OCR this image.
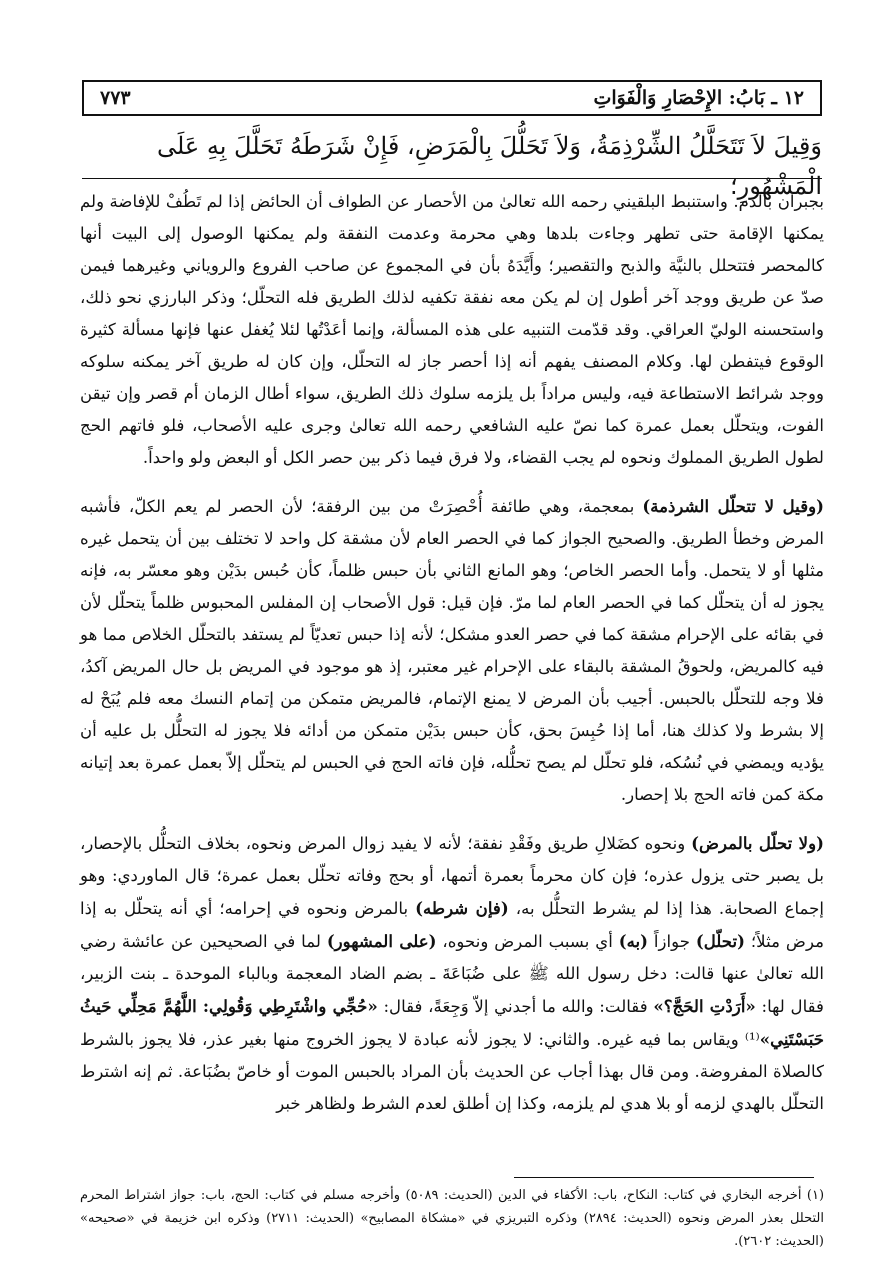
١٢ ـ بَابُ: الإِحْصَارِ وَالْفَوَاتِ
٧٧٣
وَقِيلَ لاَ تَتَحَلَّلُ الشِّرْذِمَةُ، وَلاَ تَحَلُّلَ بِالْمَرَضِ، فَإِنْ شَرَطَهُ تَحَلَّلَ بِهِ عَلَى الْمَشْهُورِ؛

بجبران بالدم. واستنبط البلقيني رحمه الله تعالىٰ من الأحصار عن الطواف أن الحائض إذا لم تَطُفْ للإفاضة ولم يمكنها الإقامة حتى تطهر وجاءت بلدها وهي محرمة وعدمت النفقة ولم يمكنها الوصول إلى البيت أنها كالمحصر فتتحلل بالنيَّة والذبح والتقصير؛ وأَيَّدَهُ بأن في المجموع عن صاحب الفروع والروياني وغيرهما فيمن صدّ عن طريق ووجد آخر أطول إن لم يكن معه نفقة تكفيه لذلك الطريق فله التحلّل؛ وذكر البارزي نحو ذلك، واستحسنه الوليّ العراقي. وقد قدّمت التنبيه على هذه المسألة، وإنما أعَدْتُها لئلا يُغفل عنها فإنها مسألة كثيرة الوقوع فيتفطن لها. وكلام المصنف يفهم أنه إذا أحصر جاز له التحلّل، وإن كان له طريق آخر يمكنه سلوكه ووجد شرائط الاستطاعة فيه، وليس مراداً بل يلزمه سلوك ذلك الطريق، سواء أطال الزمان أم قصر وإن تيقن الفوت، ويتحلّل بعمل عمرة كما نصّ عليه الشافعي رحمه الله تعالىٰ وجرى عليه الأصحاب، فلو فاتهم الحج لطول الطريق المملوك ونحوه لم يجب القضاء، ولا فرق فيما ذكر بين حصر الكل أو البعض ولو واحداً.

(وقيل لا تتحلّل الشرذمة) بمعجمة، وهي طائفة أُحْصِرَتْ من بين الرفقة؛ لأن الحصر لم يعم الكلّ، فأشبه المرض وخطأ الطريق. والصحيح الجواز كما في الحصر العام لأن مشقة كل واحد لا تختلف بين أن يتحمل غيره مثلها أو لا يتحمل. وأما الحصر الخاص؛ وهو المانع الثاني بأن حبس ظلماً، كأن حُبس بدَيْن وهو معسّر به، فإنه يجوز له أن يتحلّل كما في الحصر العام لما مرّ. فإن قيل: قول الأصحاب إن المفلس المحبوس ظلماً يتحلّل لأن في بقائه على الإحرام مشقة كما في حصر العدو مشكل؛ لأنه إذا حبس تعديّاً لم يستفد بالتحلّل الخلاص مما هو فيه كالمريض، ولحوقُ المشقة بالبقاء على الإحرام غير معتبر، إذ هو موجود في المريض بل حال المريض آكدُ، فلا وجه للتحلّل بالحبس. أجيب بأن المرض لا يمنع الإتمام، فالمريض متمكن من إتمام النسك معه فلم يُبَحْ له إلا بشرط ولا كذلك هنا، أما إذا حُبِسَ بحق، كأن حبس بدَيْن متمكن من أدائه فلا يجوز له التحلُّل بل عليه أن يؤديه ويمضي في نُسُكه، فلو تحلّل لم يصح تحلُّله، فإن فاته الحج في الحبس لم يتحلّل إلاّ بعمل عمرة بعد إتيانه مكة كمن فاته الحج بلا إحصار.

(ولا تحلّل بالمرض) ونحوه كضَلالِ طريق وفَقْدِ نفقة؛ لأنه لا يفيد زوال المرض ونحوه، بخلاف التحلُّل بالإحصار، بل يصبر حتى يزول عذره؛ فإن كان محرماً بعمرة أتمها، أو بحج وفاته تحلّل بعمل عمرة؛ قال الماوردي: وهو إجماع الصحابة. هذا إذا لم يشرط التحلُّل به، (فإن شرطه) بالمرض ونحوه في إحرامه؛ أي أنه يتحلّل به إذا مرض مثلاً؛ (تحلّل) جوازاً (به) أي بسبب المرض ونحوه، (على المشهور) لما في الصحيحين عن عائشة رضي الله تعالىٰ عنها قالت: دخل رسول الله ﷺ على ضُبَاعَةَ ـ بضم الضاد المعجمة وبالباء الموحدة ـ بنت الزبير، فقال لها: «أَرَدْتِ الحَجَّ؟» فقالت: والله ما أجدني إلاّ وَجِعَةً، فقال: «حُجِّي واشْتَرِطِي وَقُولِي: اللَّهُمَّ مَحِلِّي حَيثُ حَبَسْتَنِي»⁽¹⁾ ويقاس بما فيه غيره. والثاني: لا يجوز لأنه عبادة لا يجوز الخروج منها بغير عذر، فلا يجوز بالشرط كالصلاة المفروضة. ومن قال بهذا أجاب عن الحديث بأن المراد بالحبس الموت أو خاصّ بضُبَاعة. ثم إنه اشترط التحلّل بالهدي لزمه أو بلا هدي لم يلزمه، وكذا إن أطلق لعدم الشرط ولظاهر خبر

(١) أخرجه البخاري في كتاب: النكاح، باب: الأكفاء في الدين (الحديث: ٥٠٨٩) وأخرجه مسلم في كتاب: الحج، باب: جواز اشتراط المحرم التحلل بعذر المرض ونحوه (الحديث: ٢٨٩٤) وذكره التبريزي في «مشكاة المصابيح» (الحديث: ٢٧١١) وذكره ابن خزيمة في «صحيحه» (الحديث: ٢٦٠٢).
